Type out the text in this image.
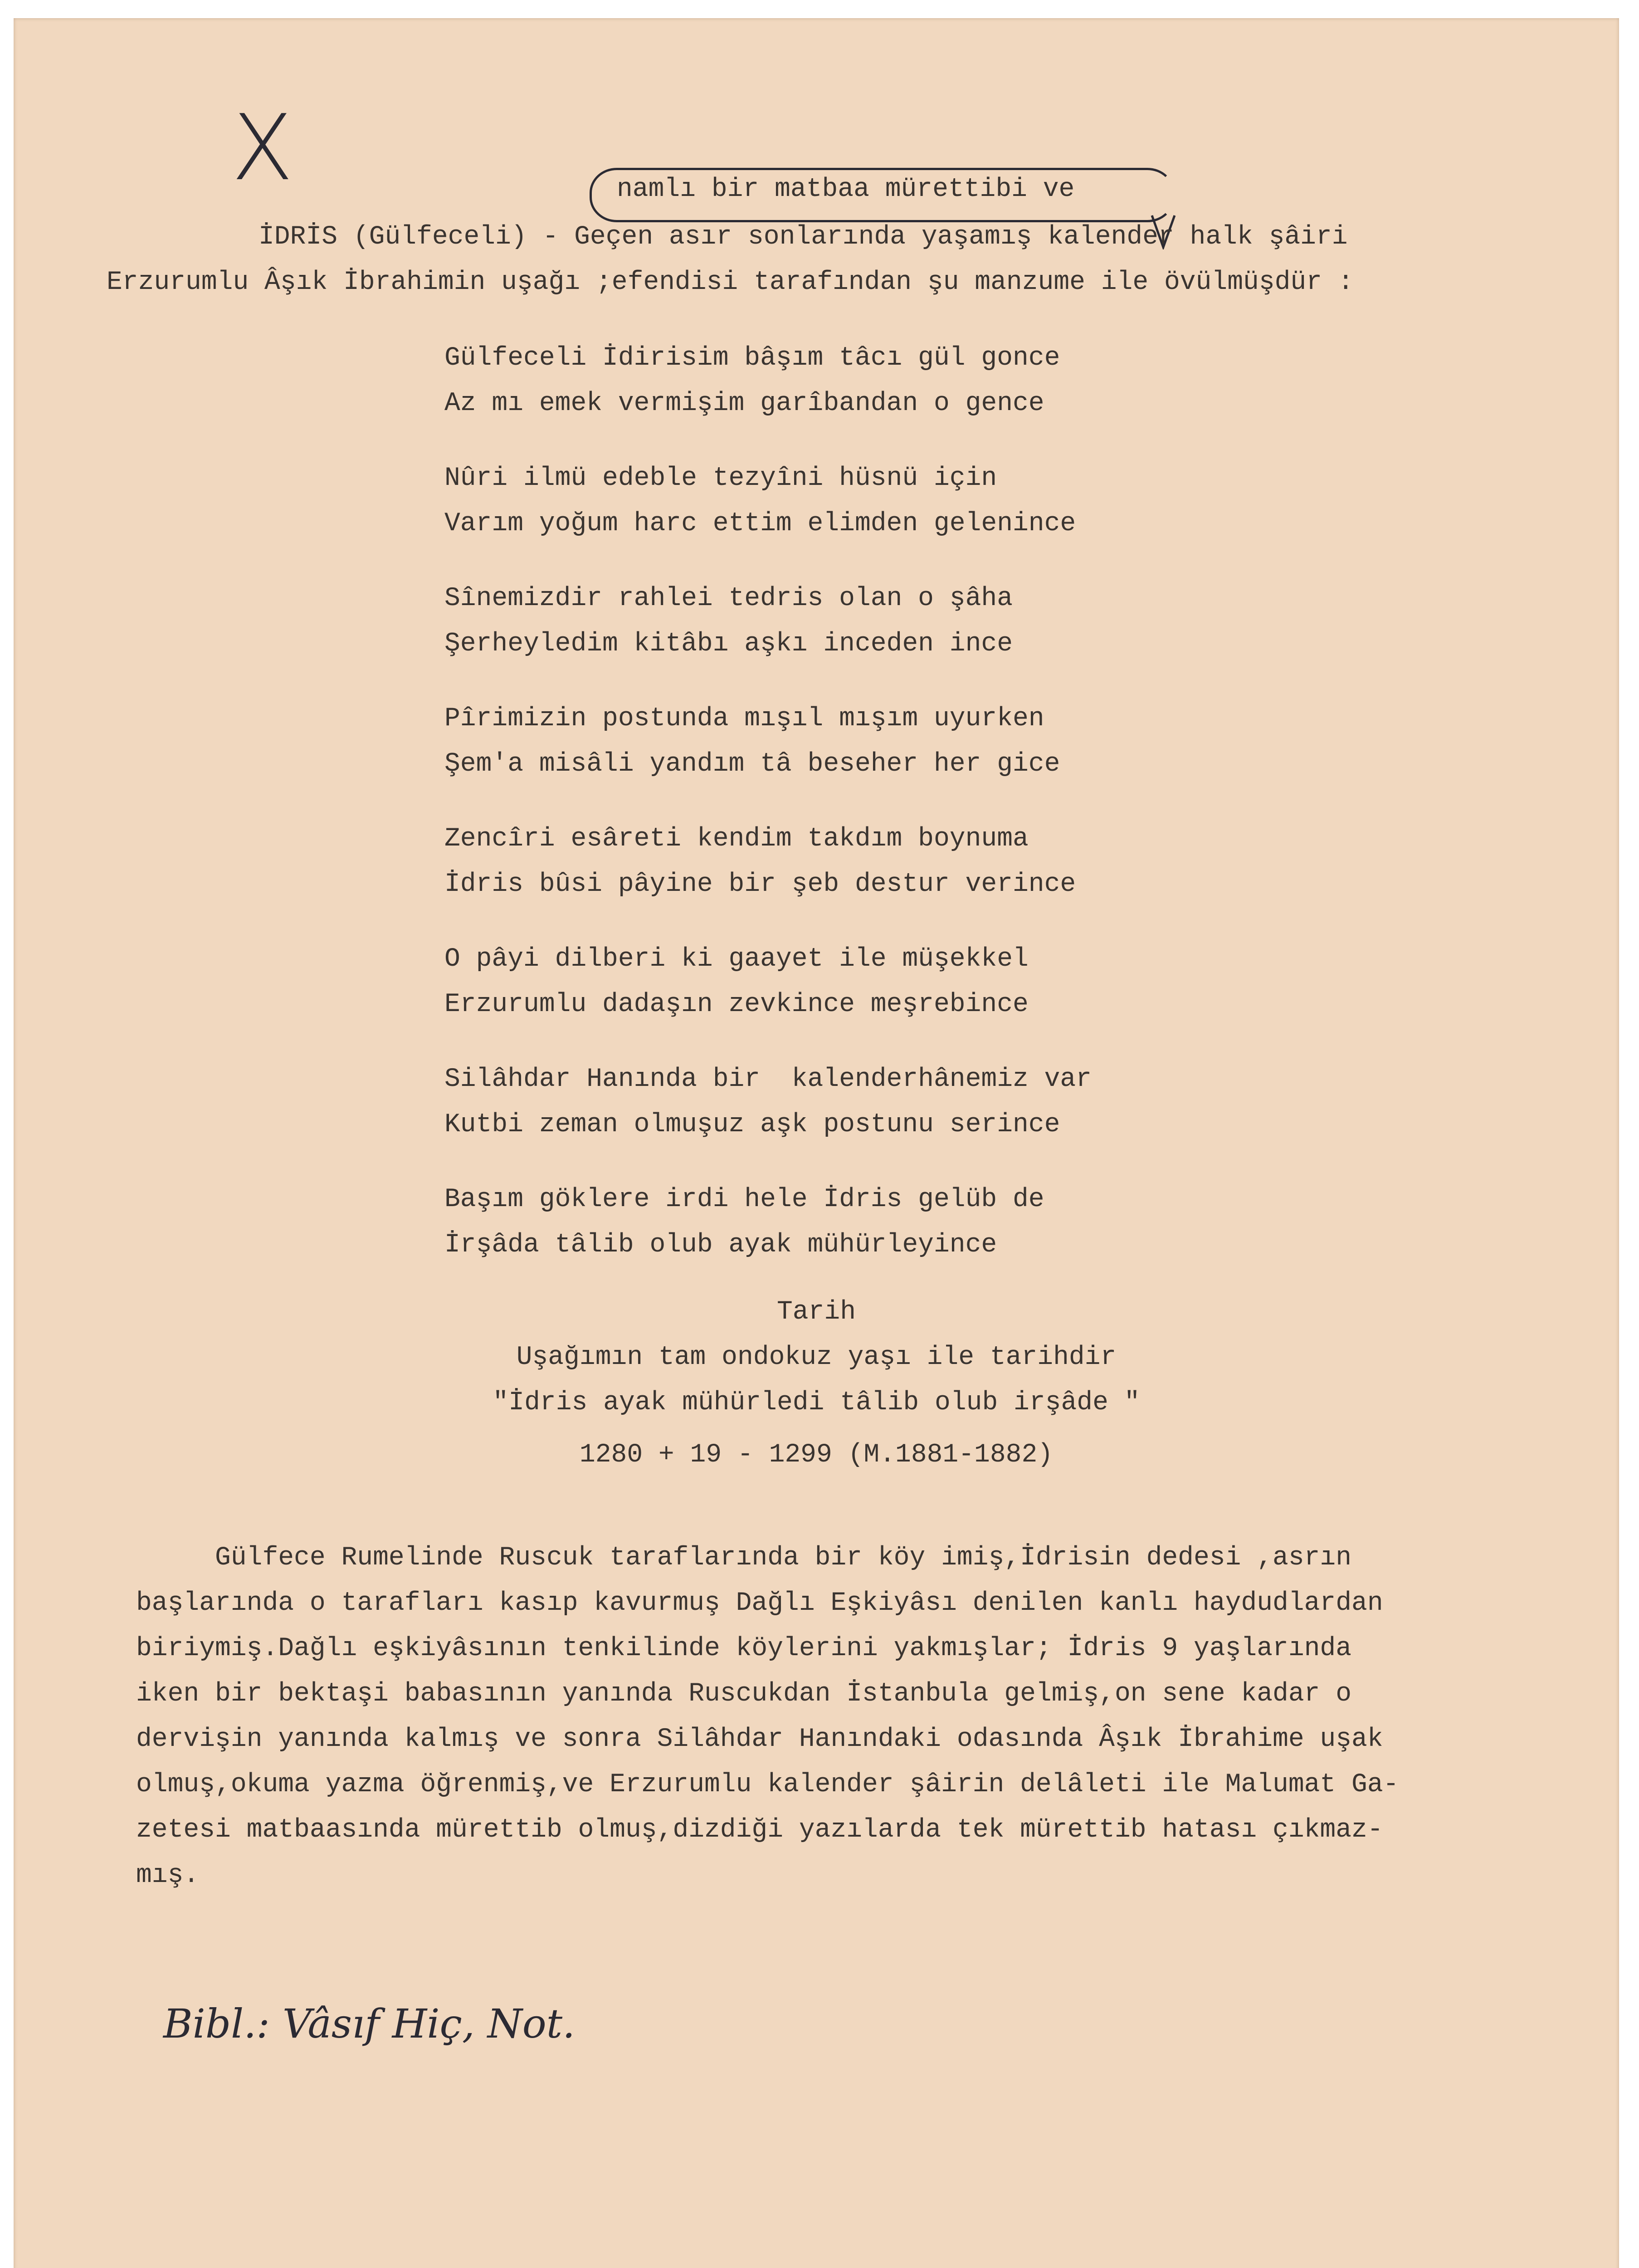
X	namlı bir matbaa mürettibi ve

İDRİS (Gülfeceli) - Geçen asır sonlarında yaşamış kalender halk şâiri

Erzurumlu Âşık İbrahimin uşağı ;efendisi tarafından şu manzume ile övülmüşdür :

Gülfeceli İdirisim bâşım tâcı gül gonce

Az mı emek vermişim garîbandan o gence

Nûri ilmü edeble tezyîni hüsnü için

Varım yoğum harc ettim elimden gelenince

Sînemizdir rahlei tedris olan o şâha

Şerheyledim kitâbı aşkı inceden ince

Pîrimizin postunda mışıl mışım uyurken

Şem'a misâli yandım tâ beseher her gice

Zencîri esâreti kendim takdım boynuma

İdris bûsi pâyine bir şeb destur verince

O pâyi dilberi ki gaayet ile müşekkel

Erzurumlu dadaşın zevkince meşrebince

Silâhdar Hanında bir  kalenderhânemiz var

Kutbi zeman olmuşuz aşk postunu serince

Başım göklere irdi hele İdris gelüb de

İrşâda tâlib olub ayak mühürleyince

Tarih

Uşağımın tam ondokuz yaşı ile tarihdir

"İdris ayak mühürledi tâlib olub irşâde "

1280 + 19 - 1299 (M.1881-1882)

Gülfece Rumelinde Ruscuk taraflarında bir köy imiş,İdrisin dedesi ,asrın

başlarında o tarafları kasıp kavurmuş Dağlı Eşkiyâsı denilen kanlı haydudlardan

biriymiş.Dağlı eşkiyâsının tenkilinde köylerini yakmışlar; İdris 9 yaşlarında

iken bir bektaşi babasının yanında Ruscukdan İstanbula gelmiş,on sene kadar o

dervişin yanında kalmış ve sonra Silâhdar Hanındaki odasında Âşık İbrahime uşak

olmuş,okuma yazma öğrenmiş,ve Erzurumlu kalender şâirin delâleti ile Malumat Ga-

zetesi matbaasında mürettib olmuş,dizdiği yazılarda tek mürettib hatası çıkmaz-

mış.

Bibl.: Vâsıf Hiç, Not.
